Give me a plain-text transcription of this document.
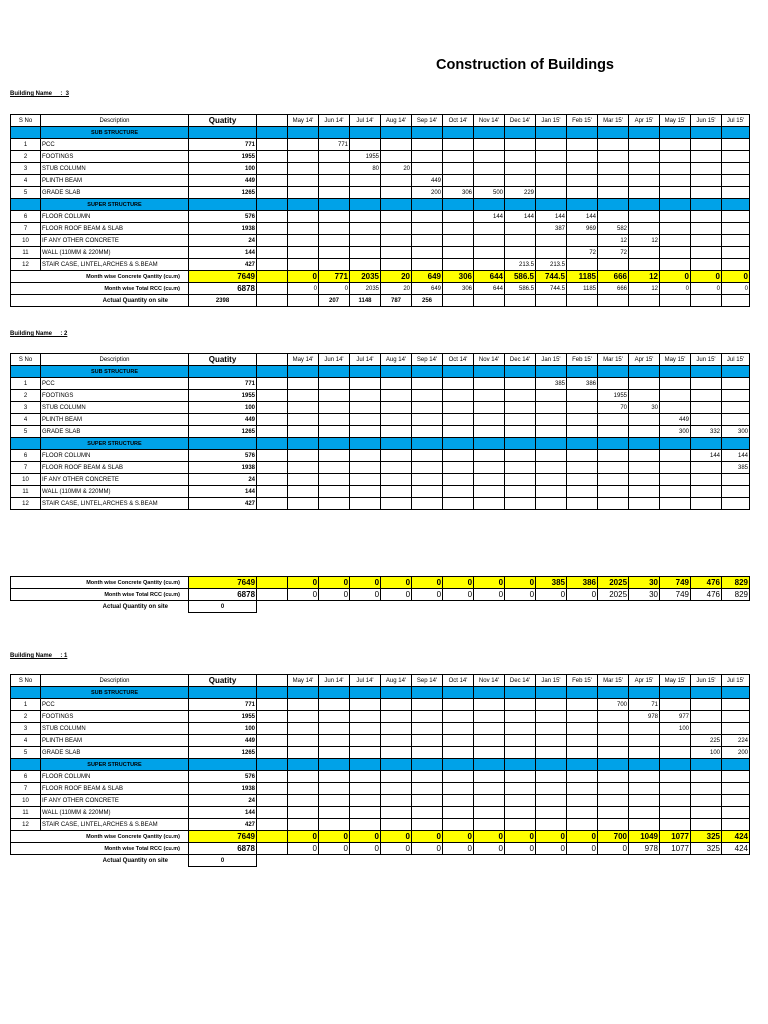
Construction of Buildings
Building Name     :  3
S No	Description	Quatity		May 14'	Jun 14'	Jul 14'	Aug 14'	Sep 14'	Oct 14'	Nov 14'	Dec 14'	Jan 15'	Feb 15'	Mar 15'	Apr 15'	May 15'	Jun 15'	Jul 15'	
	SUB STRUCTURE																		
1	PCC	771			771														
2	FOOTINGS	1955				1955													
3	STUB COLUMN	100				80	20												
4	PLINTH BEAM	449						449											
5	GRADE SLAB	1265						200	306	500	229								
	SUPER STRUCTURE																		
6	FLOOR COLUMN	576								144	144	144	144						
7	FLOOR ROOF BEAM & SLAB	1938										387	969	582					
10	IF ANY OTHER CONCRETE	24												12	12				
11	WALL (110MM & 220MM)	144											72	72					
12	STAIR CASE, LINTEL,ARCHES & S.BEAM	427									213.5	213.5							
Month wise Concrete Qantity (cu.m)		7649		0	771	2035	20	649	306	644	586.5	744.5	1185	666	12	0	0	0	
Month wise Total RCC (cu.m)		6878		0	0	2035	20	649	306	644	586.5	744.5	1185	666	12	0	0	0	
Actual Quantity on site		2398			207	1148	787	256											
Building Name     : 2
S No	Description	Quatity		May 14'	Jun 14'	Jul 14'	Aug 14'	Sep 14'	Oct 14'	Nov 14'	Dec 14'	Jan 15'	Feb 15'	Mar 15'	Apr 15'	May 15'	Jun 15'	Jul 15'	
	SUB STRUCTURE																		
1	PCC	771										385	386						
2	FOOTINGS	1955												1955					
3	STUB COLUMN	100												70	30				
4	PLINTH BEAM	449														449			
5	GRADE SLAB	1265														300	332	300	
	SUPER STRUCTURE																		
6	FLOOR COLUMN	576															144	144	
7	FLOOR ROOF BEAM & SLAB	1938																385	
10	IF ANY OTHER CONCRETE	24																	
11	WALL (110MM & 220MM)	144																	
12	STAIR CASE, LINTEL,ARCHES & S.BEAM	427																	
Month wise Concrete Qantity (cu.m)	7649		0	0	0	0	0	0	0	0	385	386	2025	30	749	476	829	
Month wise Total RCC (cu.m)	6878		0	0	0	0	0	0	0	0	0	0	2025	30	749	476	829	
Actual Quantity on site	0																	
Building Name     : 1
S No	Description	Quatity		May 14'	Jun 14'	Jul 14'	Aug 14'	Sep 14'	Oct 14'	Nov 14'	Dec 14'	Jan 15'	Feb 15'	Mar 15'	Apr 15'	May 15'	Jun 15'	Jul 15'	
	SUB STRUCTURE																		
1	PCC	771												700	71				
2	FOOTINGS	1955													978	977			
3	STUB COLUMN	100														100			
4	PLINTH BEAM	449															225	224	
5	GRADE SLAB	1265															100	200	
	SUPER STRUCTURE																		
6	FLOOR COLUMN	576																	
7	FLOOR ROOF BEAM & SLAB	1938																	
10	IF ANY OTHER CONCRETE	24																	
11	WALL (110MM & 220MM)	144																	
12	STAIR CASE, LINTEL,ARCHES & S.BEAM	427																	
Month wise Concrete Qantity (cu.m)		7649		0	0	0	0	0	0	0	0	0	0	700	1049	1077	325	424	
Month wise Total RCC (cu.m)		6878		0	0	0	0	0	0	0	0	0	0	0	978	1077	325	424	
Actual Quantity on site		0																	
